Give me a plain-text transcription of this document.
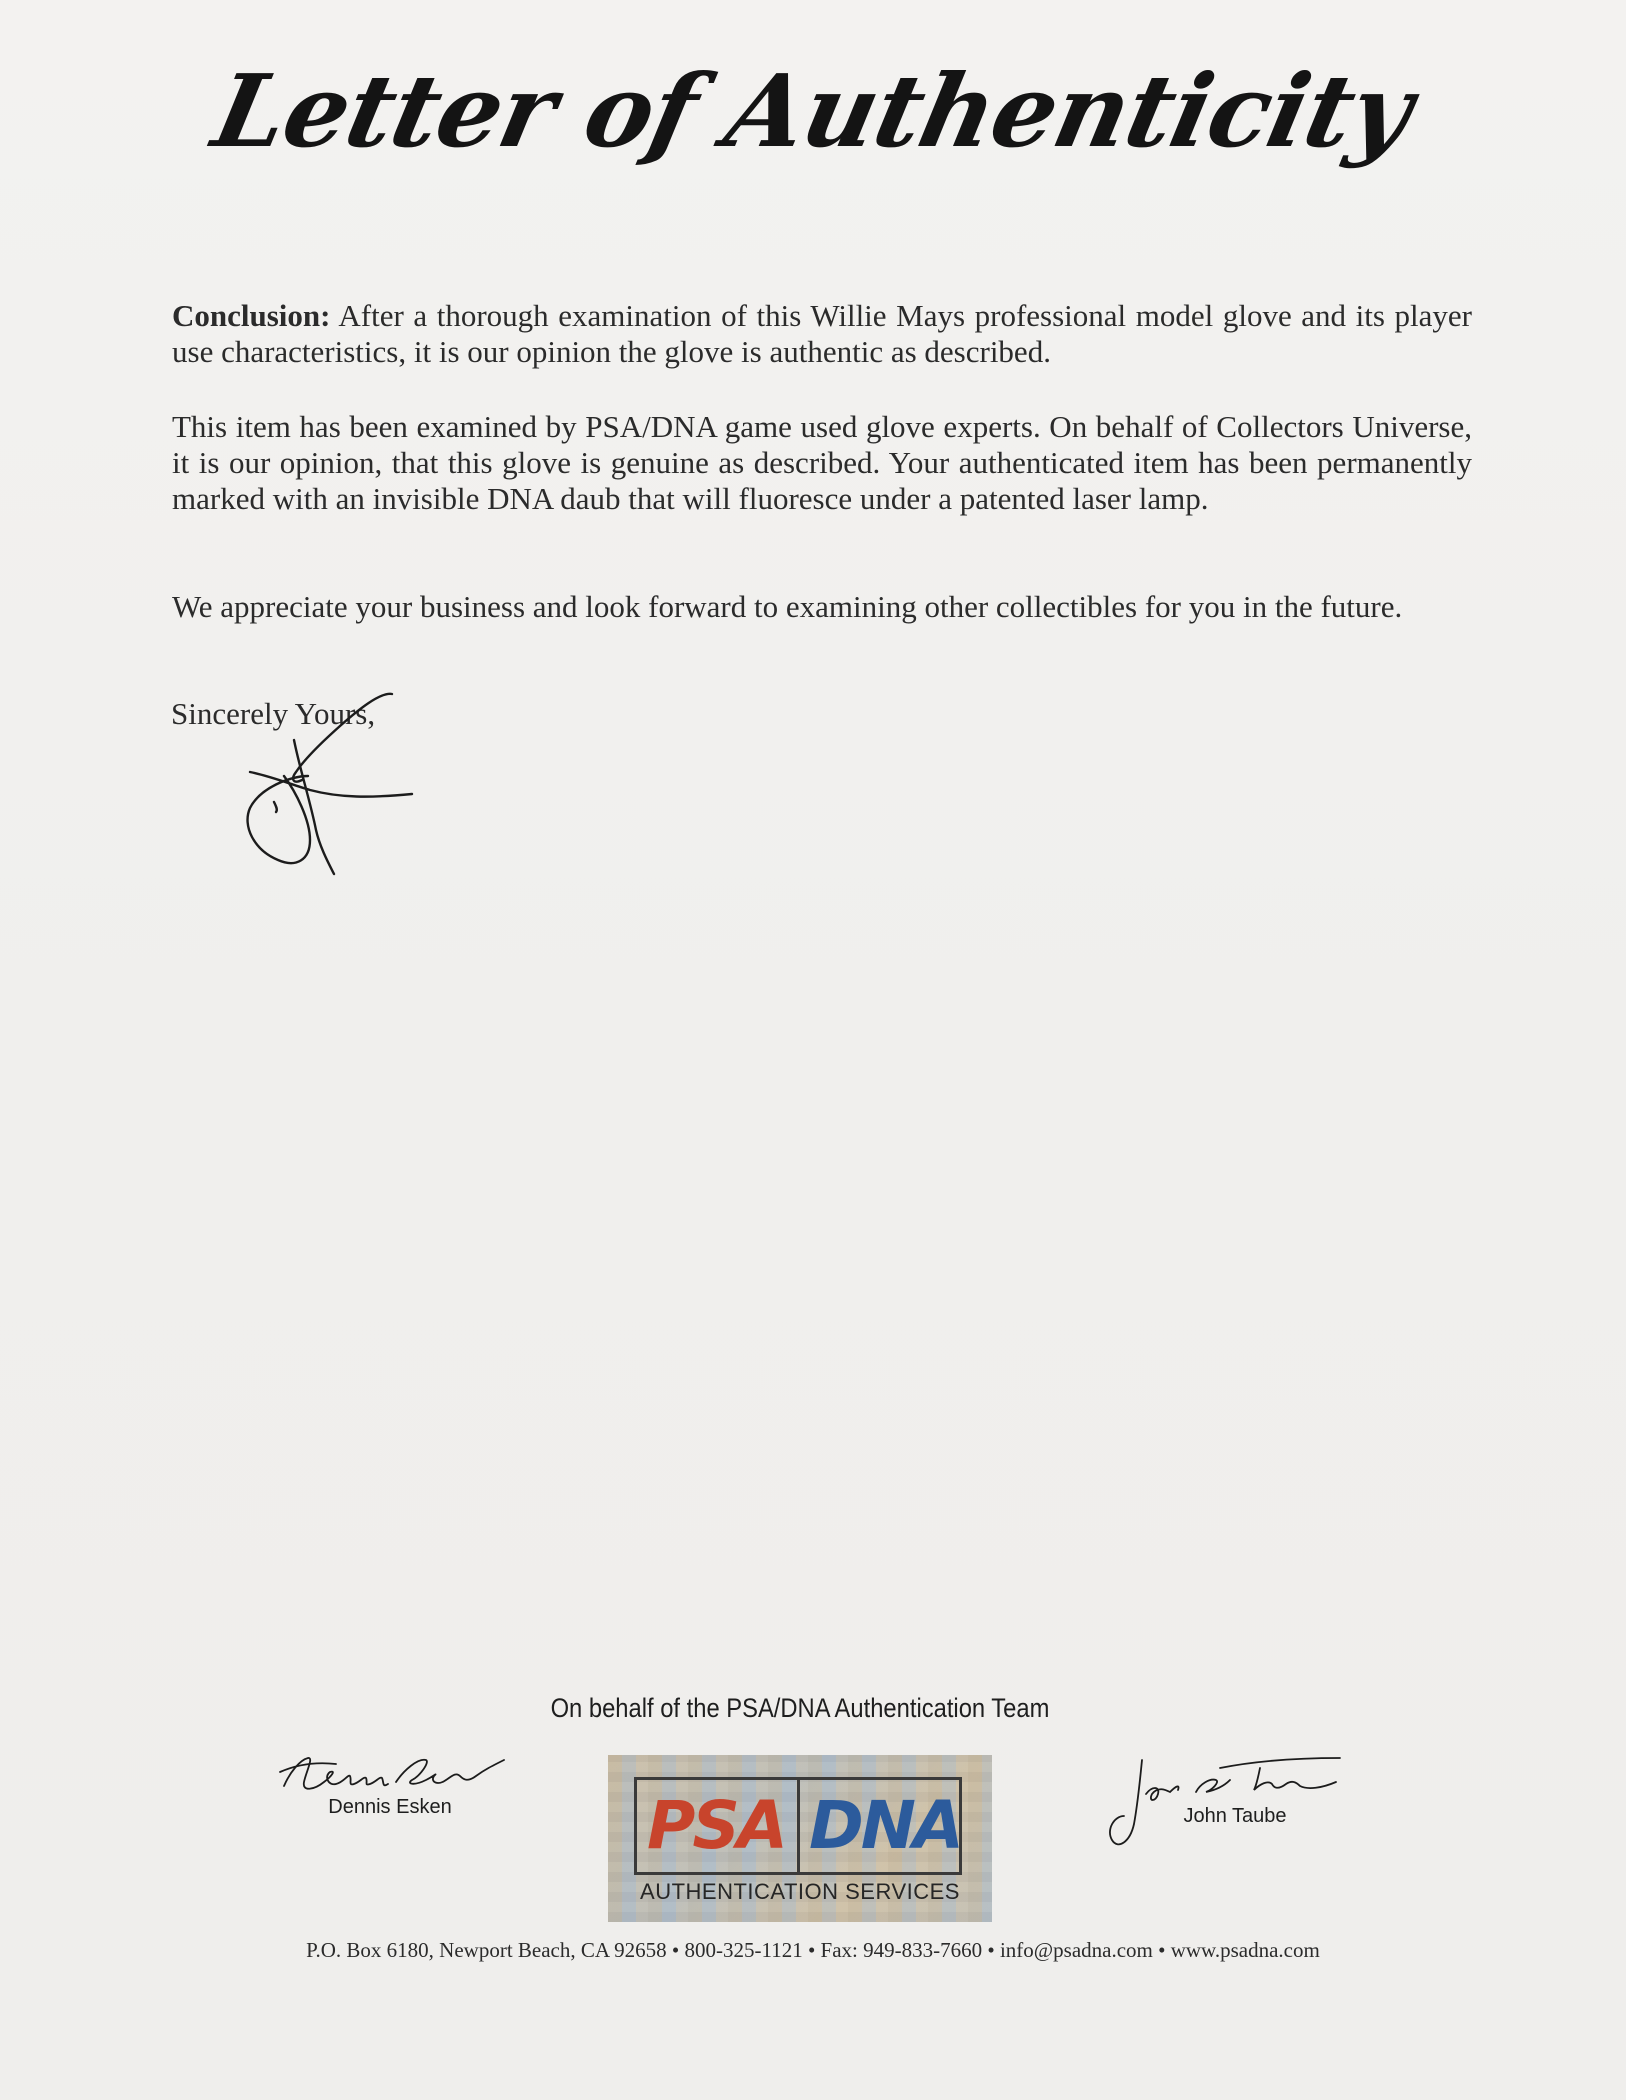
Letter of Authenticity
Conclusion: After a thorough examination of this Willie Mays professional model glove and its player use characteristics, it is our opinion the glove is authentic as described.
This item has been examined by PSA/DNA game used glove experts. On behalf of Collectors Universe, it is our opinion, that this glove is genuine as described. Your authenticated item has been permanently marked with an invisible DNA daub that will fluoresce under a patented laser lamp.
We appreciate your business and look forward to examining other collectibles for you in the future.
Sincerely Yours,
On behalf of the PSA/DNA Authentication Team
Dennis Esken	PSA DNA
AUTHENTICATION SERVICES
John Taube
P.O. Box 6180, Newport Beach, CA 92658 • 800-325-1121 • Fax: 949-833-7660 • info@psadna.com • www.psadna.com
